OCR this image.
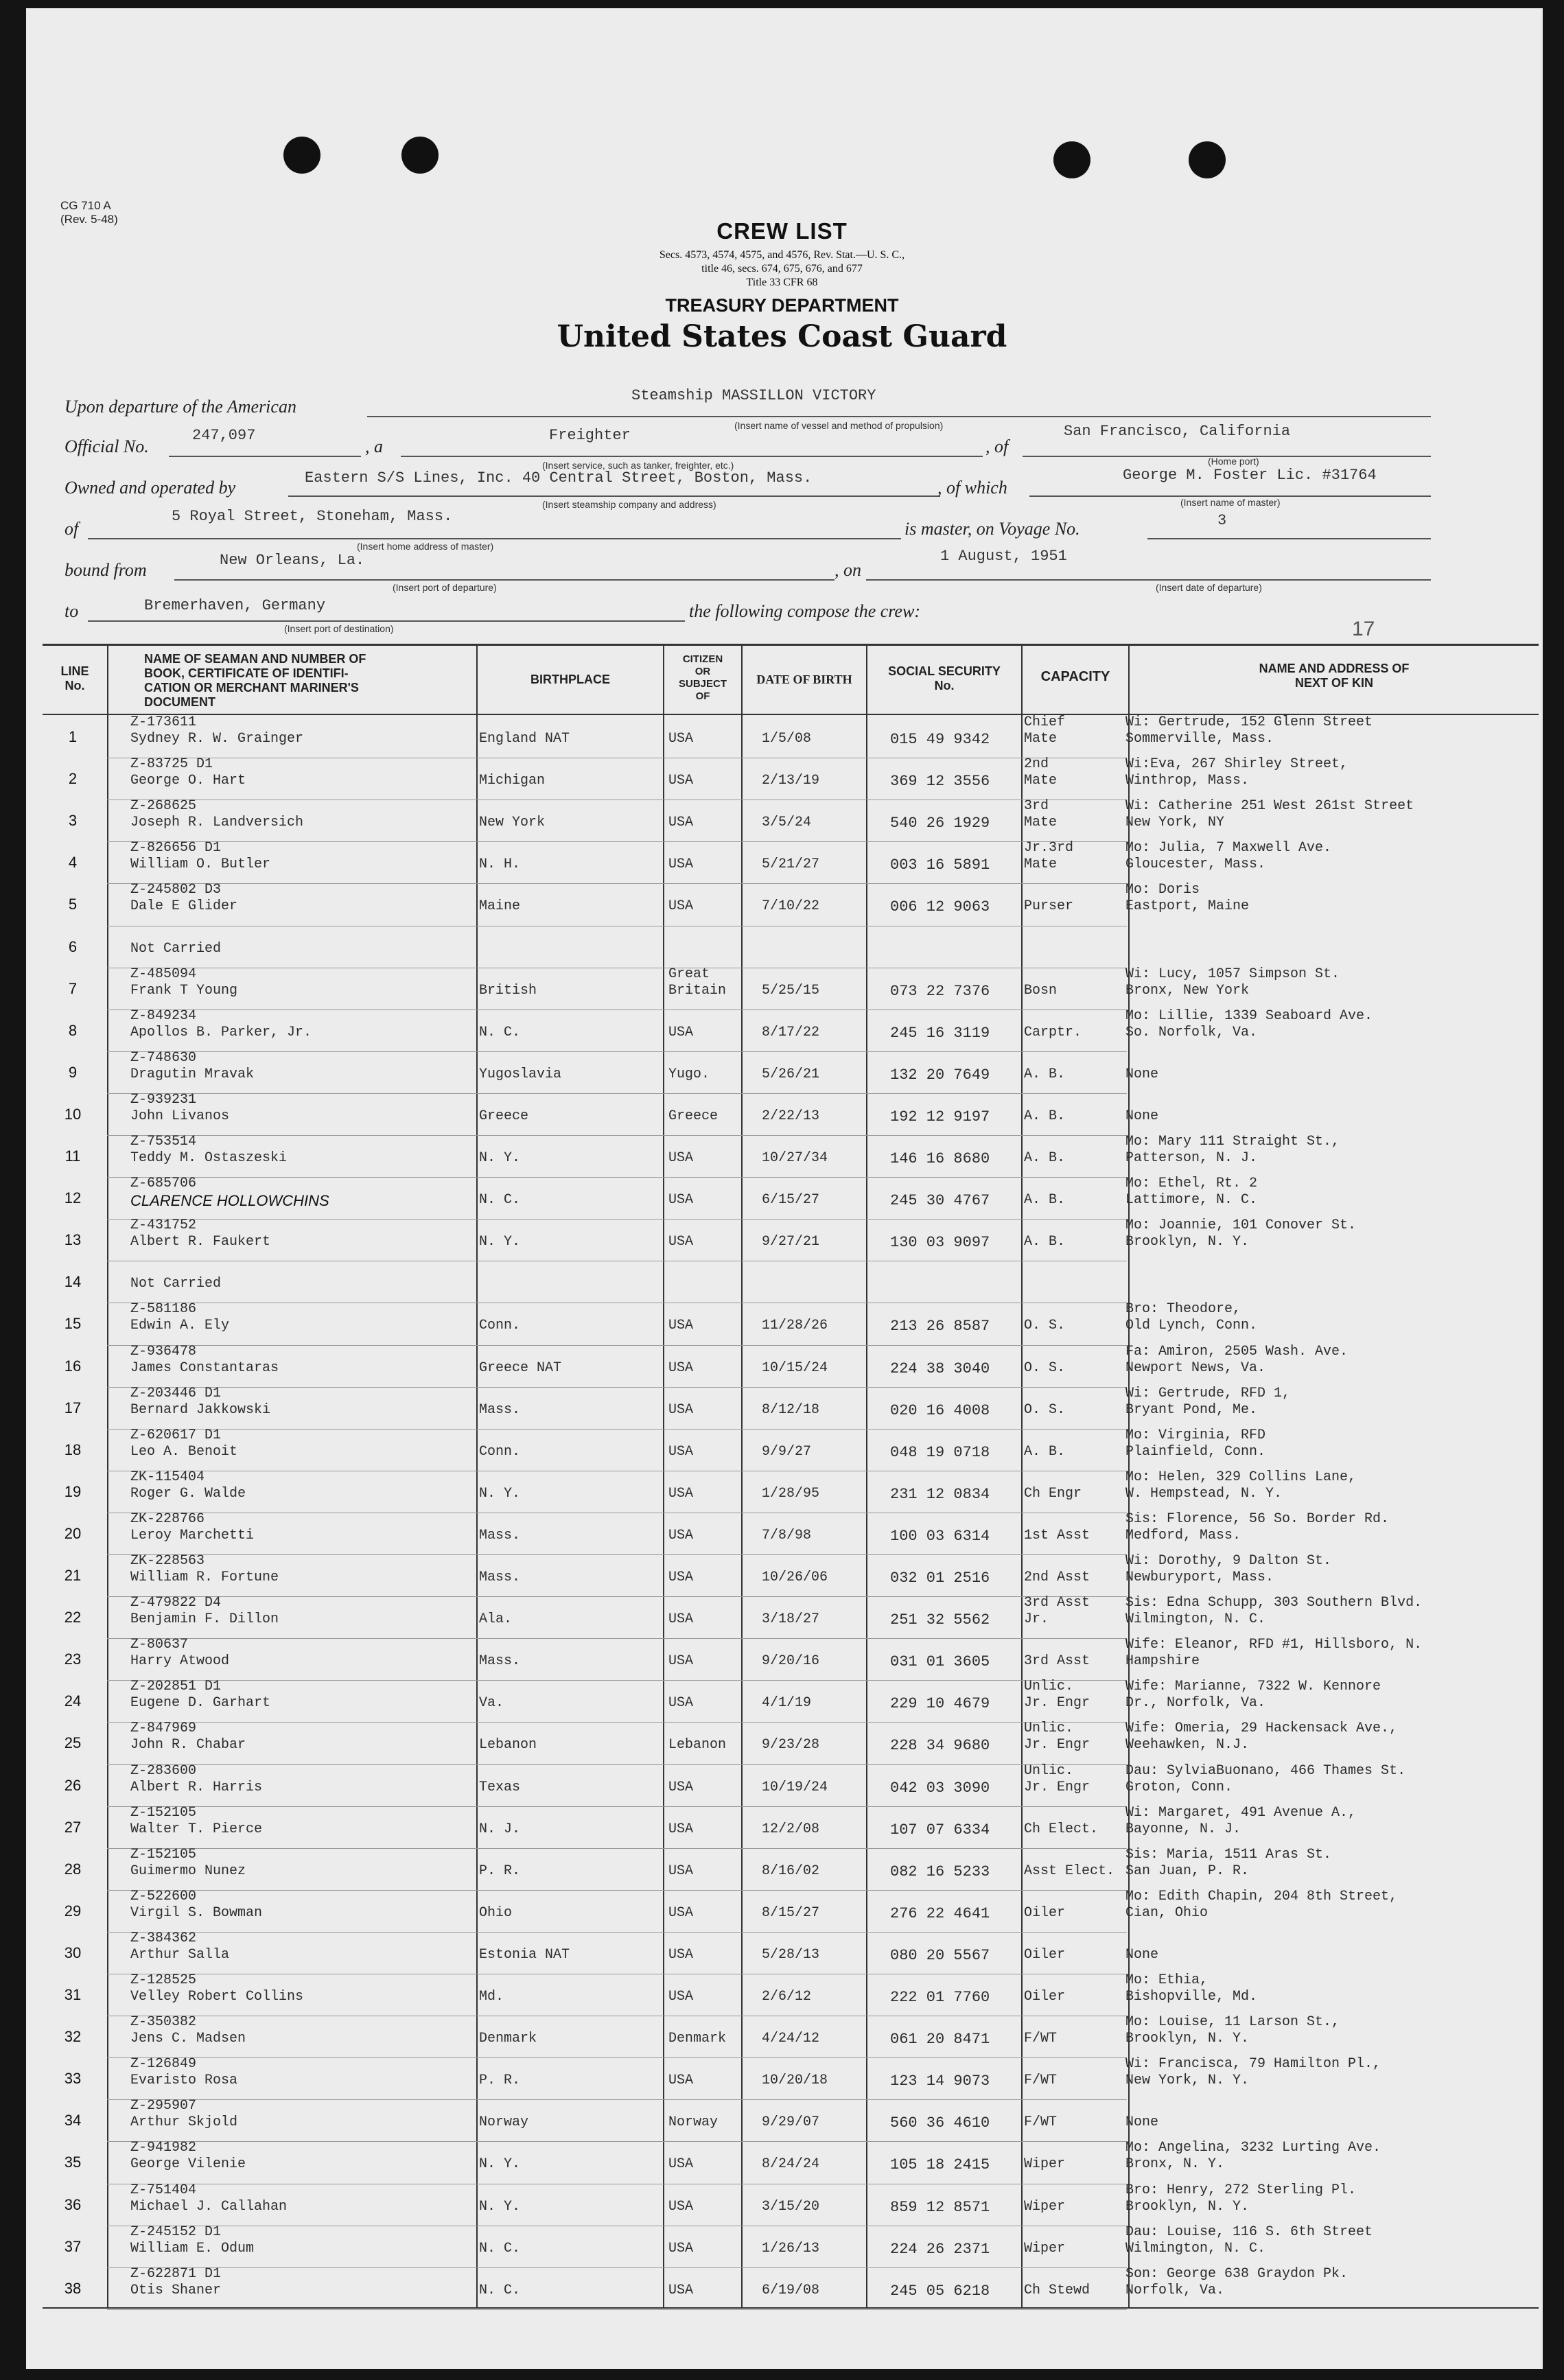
CG 710 A
(Rev. 5-48)	CREW LIST
Secs. 4573, 4574, 4575, and 4576, Rev. Stat.—U. S. C.,
title 46, secs. 674, 675, 676, and 677
Title 33 CFR 68
TREASURY DEPARTMENT
United States Coast Guard
Upon departure of the American
Steamship MASSILLON VICTORY
(Insert name of vessel and method of propulsion)
Official No.
247,097
, a
Freighter
(Insert service, such as tanker, freighter, etc.)
, of
San Francisco, California
(Home port)
Owned and operated by	Eastern S/S Lines, Inc. 40 Central Street, Boston, Mass.
(Insert steamship company and address)
, of which
George M. Foster Lic. #31764
(Insert name of master)
of
5 Royal Street, Stoneham, Mass.
(Insert home address of master)
is master, on Voyage No.	3
bound from	New Orleans, La.
(Insert port of departure)
, on
1 August, 1951
(Insert date of departure)
to	Bremerhaven, Germany
(Insert port of destination)
the following compose the crew:
17
LINE
No.
NAME OF SEAMAN AND NUMBER OF
BOOK, CERTIFICATE OF IDENTIFI-
CATION OR MERCHANT MARINER'S
DOCUMENT
BIRTHPLACE
CITIZEN
OR
SUBJECT
OF
DATE OF BIRTH
SOCIAL SECURITY
No.
CAPACITY
NAME AND ADDRESS OF
NEXT OF KIN
1
Z-173611
Sydney R. W. Grainger	England NAT	USA	1/5/08	015 49 9342
Chief
Mate
Wi: Gertrude, 152 Glenn Street
Sommerville, Mass.
2
Z-83725 D1
George O. Hart	Michigan	USA	2/13/19	369 12 3556
2nd
Mate
Wi:Eva, 267 Shirley Street,
Winthrop, Mass.
3
Z-268625
Joseph R. Landversich	New York	USA	3/5/24	540 26 1929
3rd
Mate
Wi: Catherine 251 West 261st Street
New York, NY
4
Z-826656 D1
William O. Butler	N. H.	USA	5/21/27	003 16 5891
Jr.3rd
Mate
Mo: Julia, 7 Maxwell Ave.
Gloucester, Mass.
5
Z-245802 D3
Dale E Glider	Maine	USA	7/10/22	006 12 9063 Purser
Mo: Doris
Eastport, Maine
6	Not Carried
7
Z-485094
Frank T Young	British
Great
Britain	5/25/15	073 22 7376 Bosn
Wi: Lucy, 1057 Simpson St.
Bronx, New York
8
Z-849234
Apollos B. Parker, Jr.	N. C.	USA	8/17/22	245 16 3119 Carptr.
Mo: Lillie, 1339 Seaboard Ave.
So. Norfolk, Va.
9
Z-748630
Dragutin Mravak	Yugoslavia	Yugo.	5/26/21	132 20 7649 A. B.	None
10
Z-939231
John Livanos	Greece	Greece	2/22/13	192 12 9197 A. B.	None
11
Z-753514
Teddy M. Ostaszeski	N. Y.	USA	10/27/34	146 16 8680 A. B.
Mo: Mary 111 Straight St.,
Patterson, N. J.
12
Z-685706
CLARENCE HOLLOWCHINS	N. C.	USA	6/15/27	245 30 4767 A. B.
Mo: Ethel, Rt. 2
Lattimore, N. C.
13
Z-431752
Albert R. Faukert	N. Y.	USA	9/27/21	130 03 9097 A. B.
Mo: Joannie, 101 Conover St.
Brooklyn, N. Y.
14	Not Carried
15
Z-581186
Edwin A. Ely	Conn.	USA	11/28/26	213 26 8587 O. S.
Bro: Theodore,
Old Lynch, Conn.
16
Z-936478
James Constantaras	Greece NAT	USA	10/15/24	224 38 3040 O. S.
Fa: Amiron, 2505 Wash. Ave.
Newport News, Va.
17
Z-203446 D1
Bernard Jakkowski	Mass.	USA	8/12/18	020 16 4008 O. S.
Wi: Gertrude, RFD 1,
Bryant Pond, Me.
18
Z-620617 D1
Leo A. Benoit	Conn.	USA	9/9/27	048 19 0718 A. B.
Mo: Virginia, RFD
Plainfield, Conn.
19
ZK-115404
Roger G. Walde	N. Y.	USA	1/28/95	231 12 0834 Ch Engr
Mo: Helen, 329 Collins Lane,
W. Hempstead, N. Y.
20
ZK-228766
Leroy Marchetti	Mass.	USA	7/8/98	100 03 6314 1st Asst
Sis: Florence, 56 So. Border Rd.
Medford, Mass.
21
ZK-228563
William R. Fortune	Mass.	USA	10/26/06	032 01 2516 2nd Asst
Wi: Dorothy, 9 Dalton St.
Newburyport, Mass.
22
Z-479822 D4
Benjamin F. Dillon	Ala.	USA	3/18/27	251 32 5562
3rd Asst
Jr.
Sis: Edna Schupp, 303 Southern Blvd.
Wilmington, N. C.
23
Z-80637
Harry Atwood	Mass.	USA	9/20/16	031 01 3605 3rd Asst
Wife: Eleanor, RFD #1, Hillsboro, N.
Hampshire
24
Z-202851 D1
Eugene D. Garhart	Va.	USA	4/1/19	229 10 4679
Unlic.
Jr. Engr
Wife: Marianne, 7322 W. Kennore
Dr., Norfolk, Va.
25
Z-847969
John R. Chabar	Lebanon	Lebanon	9/23/28	228 34 9680
Unlic.
Jr. Engr
Wife: Omeria, 29 Hackensack Ave.,
Weehawken, N.J.
26
Z-283600
Albert R. Harris	Texas	USA	10/19/24	042 03 3090
Unlic.
Jr. Engr
Dau: SylviaBuonano, 466 Thames St.
Groton, Conn.
27
Z-152105
Walter T. Pierce	N. J.	USA	12/2/08	107 07 6334 Ch Elect.
Wi: Margaret, 491 Avenue A.,
Bayonne, N. J.
28
Z-152105
Guimermo Nunez	P. R.	USA	8/16/02	082 16 5233 Asst Elect.
Sis: Maria, 1511 Aras St.
San Juan, P. R.
29
Z-522600
Virgil S. Bowman	Ohio	USA	8/15/27	276 22 4641 Oiler
Mo: Edith Chapin, 204 8th Street,
Cian, Ohio
30
Z-384362
Arthur Salla	Estonia NAT	USA	5/28/13	080 20 5567 Oiler	None
31
Z-128525
Velley Robert Collins	Md.	USA	2/6/12	222 01 7760 Oiler
Mo: Ethia,
Bishopville, Md.
32
Z-350382
Jens C. Madsen	Denmark	Denmark	4/24/12	061 20 8471 F/WT
Mo: Louise, 11 Larson St.,
Brooklyn, N. Y.
33
Z-126849
Evaristo Rosa	P. R.	USA	10/20/18	123 14 9073 F/WT
Wi: Francisca, 79 Hamilton Pl.,
New York, N. Y.
34
Z-295907
Arthur Skjold	Norway	Norway	9/29/07	560 36 4610 F/WT	None
35
Z-941982
George Vilenie	N. Y.	USA	8/24/24	105 18 2415 Wiper
Mo: Angelina, 3232 Lurting Ave.
Bronx, N. Y.
36
Z-751404
Michael J. Callahan	N. Y.	USA	3/15/20	859 12 8571 Wiper
Bro: Henry, 272 Sterling Pl.
Brooklyn, N. Y.
37
Z-245152 D1
William E. Odum	N. C.	USA	1/26/13	224 26 2371 Wiper
Dau: Louise, 116 S. 6th Street
Wilmington, N. C.
38
Z-622871 D1
Otis Shaner	N. C.	USA	6/19/08	245 05 6218 Ch Stewd
Son: George 638 Graydon Pk.
Norfolk, Va.
